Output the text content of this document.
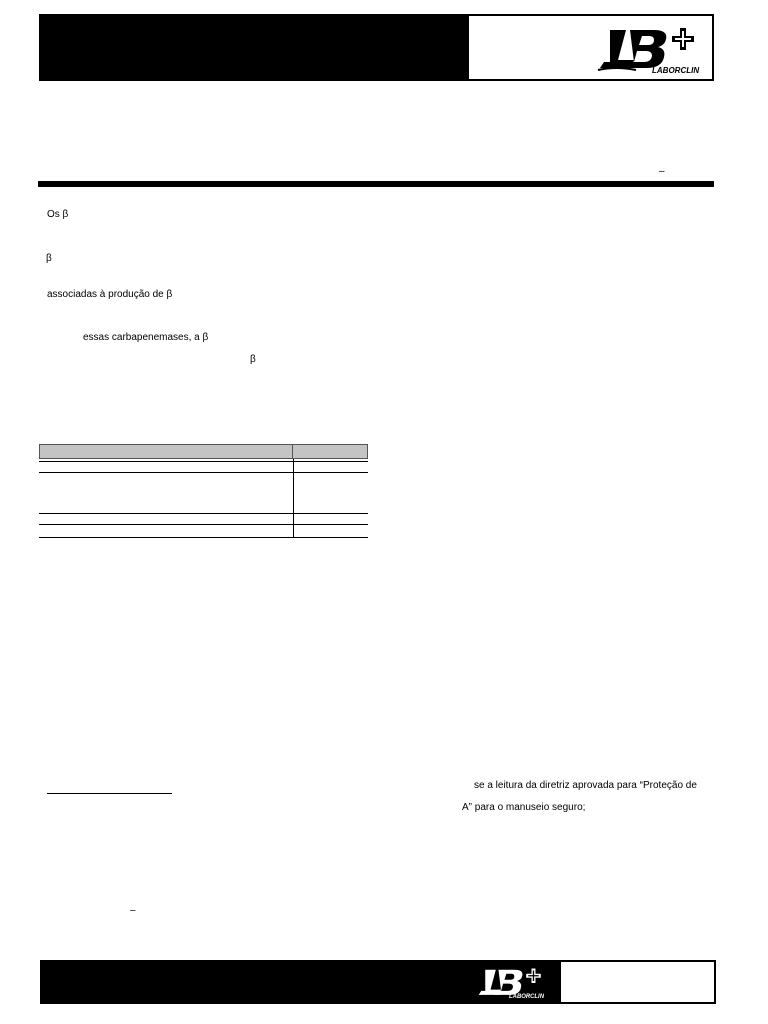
LABORCLIN
–
Os β
β
associadas à produção de β
essas carbapenemases, a β
β
se a leitura da diretriz aprovada para “Proteção de
A” para o manuseio seguro;
–
LABORCLIN
